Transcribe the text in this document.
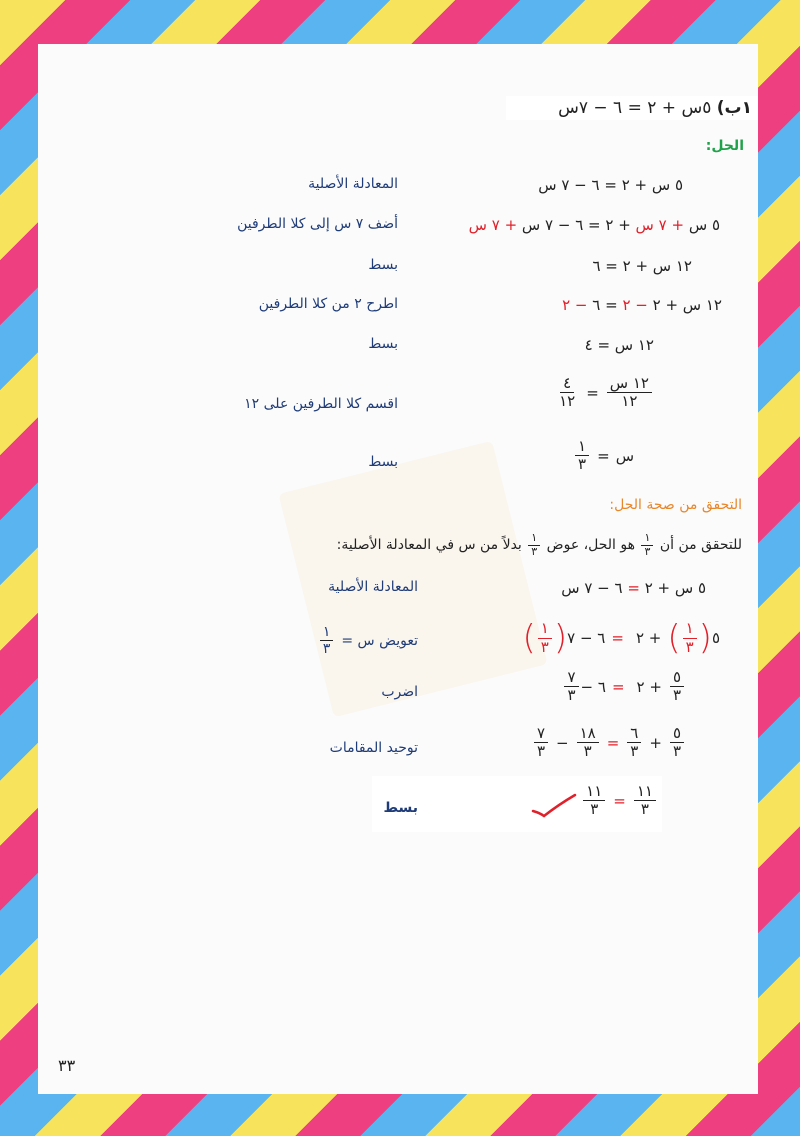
١ب) ٥س + ٢ = ٦ − ٧س
الحل:
٥ س + ٢ = ٦ − ٧ س
المعادلة الأصلية
٥ س + ٧ س + ٢ = ٦ − ٧ س + ٧ س
أضف ٧ س إلى كلا الطرفين
١٢ س + ٢ = ٦
بسط
١٢ س + ٢ − ٢ = ٦ − ٢
اطرح ٢ من كلا الطرفين
١٢ س = ٤
بسط
$\frac{\text{١٢ س}}{١٢}$
=
$\frac{٤}{١٢}$
اقسم كلا الطرفين على ١٢
س
=
$\frac{١}{٣}$
بسط
التحقق من صحة الحل:
للتحقق من أن
$\frac{١}{٣}$
هو الحل، عوض
$\frac{١}{٣}$
بدلاً من س في المعادلة الأصلية:
٥ س + ٢ = ٦ − ٧ س
المعادلة الأصلية
٥
(
$\frac{١}{٣}$
)
+ ٢
=
٦ − ٧
(
$\frac{١}{٣}$
)
تعويض س =
$\frac{١}{٣}$
$\frac{٥}{٣}$
+ ٢
=
٦ −
$\frac{٧}{٣}$
اضرب
$\frac{٥}{٣}$
+
$\frac{٦}{٣}$
=
$\frac{١٨}{٣}$
−
$\frac{٧}{٣}$
توحيد المقامات
$\frac{١١}{٣}$
=
$\frac{١١}{٣}$
بسط
٣٣
